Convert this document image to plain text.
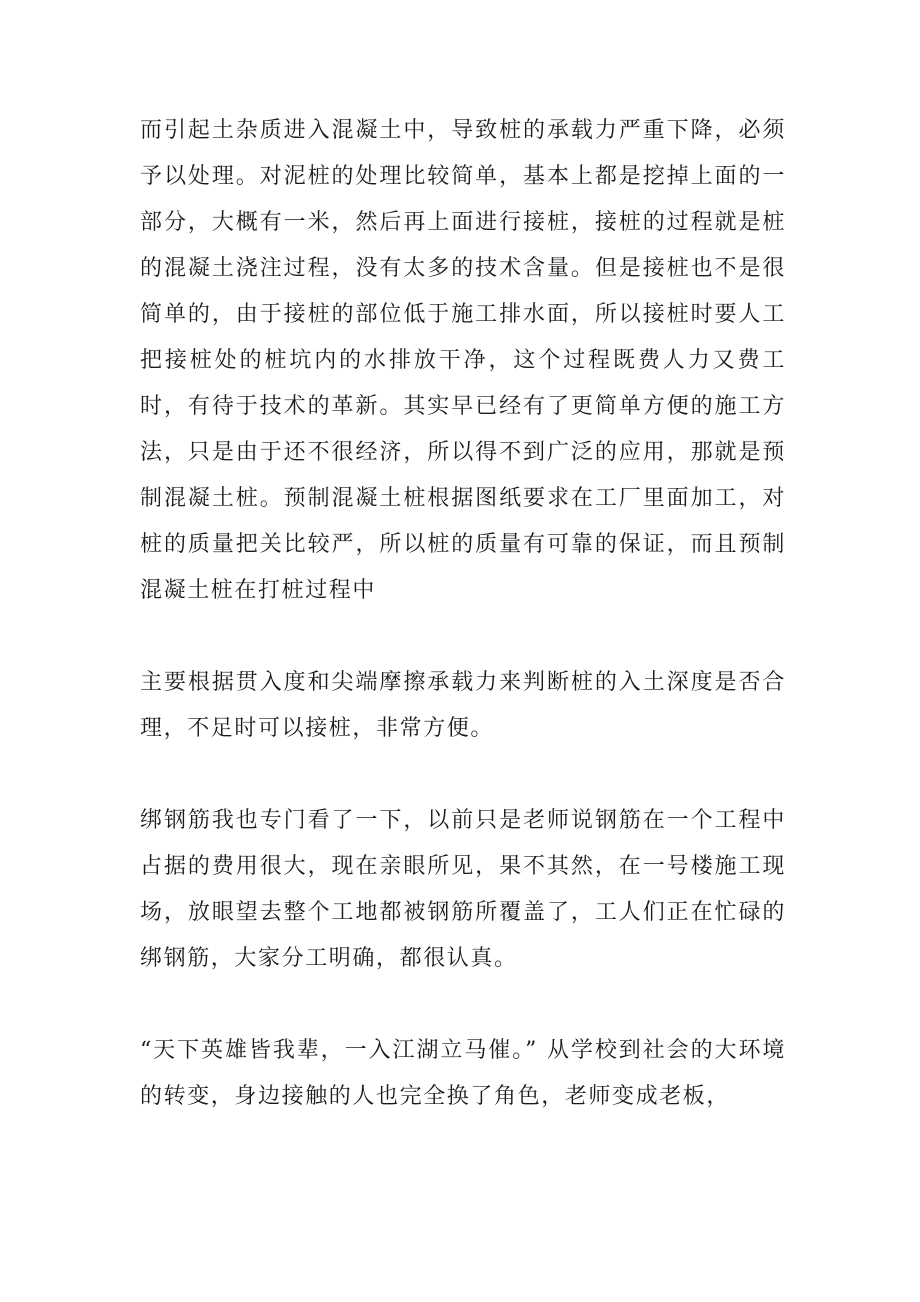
而引起土杂质进入混凝土中，导致桩的承载力严重下降，必须予以处理。对泥桩的处理比较简单，基本上都是挖掉上面的一部分，大概有一米，然后再上面进行接桩，接桩的过程就是桩的混凝土浇注过程，没有太多的技术含量。但是接桩也不是很简单的，由于接桩的部位低于施工排水面，所以接桩时要人工把接桩处的桩坑内的水排放干净，这个过程既费人力又费工时，有待于技术的革新。其实早已经有了更简单方便的施工方法，只是由于还不很经济，所以得不到广泛的应用，那就是预制混凝土桩。预制混凝土桩根据图纸要求在工厂里面加工，对桩的质量把关比较严，所以桩的质量有可靠的保证，而且预制混凝土桩在打桩过程中

主要根据贯入度和尖端摩擦承载力来判断桩的入土深度是否合理，不足时可以接桩，非常方便。

绑钢筋我也专门看了一下，以前只是老师说钢筋在一个工程中占据的费用很大，现在亲眼所见，果不其然，在一号楼施工现场，放眼望去整个工地都被钢筋所覆盖了，工人们正在忙碌的绑钢筋，大家分工明确，都很认真。

“天下英雄皆我辈，一入江湖立马催。” 从学校到社会的大环境的转变，身边接触的人也完全换了角色，老师变成老板，
